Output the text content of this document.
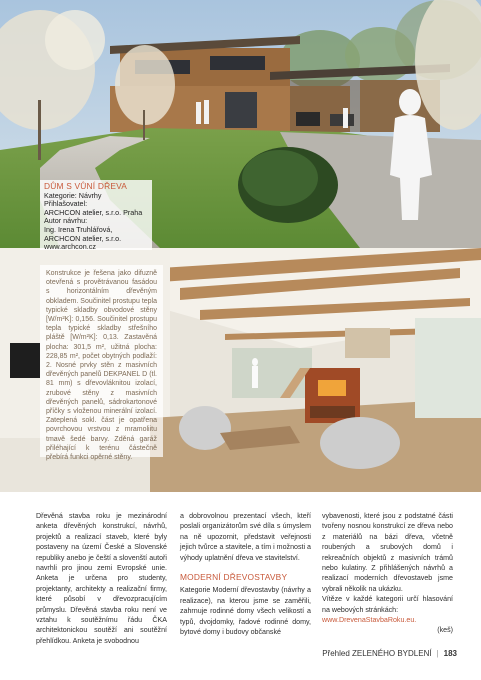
DŮM S VŮNÍ DŘEVA
Kategorie: Návrhy
Přihlašovatel:
ARCHCON atelier, s.r.o. Praha
Autor návrhu:
Ing. Irena Truhlářová,
ARCHCON atelier, s.r.o.
www.archcon.cz
Konstrukce je řešena jako difuzně otevřená s provětrávanou fasádou s horizontálním dřevěným obkladem. Součinitel prostupu tepla typické skladby obvodové stěny [W/m²K]: 0,156. Součinitel prostupu tepla typické skladby střešního pláště [W/m²K]: 0,13. Zastavěná plocha: 301,5 m², užitná plocha: 228,85 m², počet obytných podlaží: 2. Nosné prvky stěn z masivních dřevěných panelů DEKPANEL D (tl. 81 mm) s dřevovláknitou izolací, zrubové stěny z masivních dřevěných panelů, sádrokartonové příčky s vloženou minerální izolací. Zateplená sokl. část je opatřena povrchovou vrstvou z mramoliitu tmavě šedé barvy. Zděná garáž přiléhající k terénu částečně přebírá funkci opěrné stěny.
Dřevěná stavba roku je mezinárodní anketa dřevěných konstrukcí, návrhů, projektů a realizací staveb, které byly postaveny na území České a Slovenské republiky anebo je čeští a slovenští autoři navrhli pro jinou zemi Evropské unie. Anketa je určena pro studenty, projektanty, architekty a realizační firmy, které působí v dřevozpracujícím průmyslu. Dřevěná stavba roku není ve vztahu k soutěžnímu řádu ČKA architektonickou soutěží ani soutěžní přehlídkou. Anketa je svobodnou
a dobrovolnou prezentací všech, kteří poslali organizátorům své díla s úmyslem na ně upozornit, představit veřejnosti jejich tvůrce a stavitele, a tím i možnosti a výhody uplatnění dřeva ve stavitelství.
MODERNÍ DŘEVOSTAVBY
Kategorie Moderní dřevostavby (návrhy a realizace), na kterou jsme se zaměřili, zahrnuje rodinné domy všech velikostí a typů, dvojdomky, řadové rodinné domy, bytové domy i budovy občanské
vybavenosti, které jsou z podstatné části tvořeny nosnou konstrukcí ze dřeva nebo z materiálů na bázi dřeva, včetně roubených a srubových domů i rekreačních objektů z masivních trámů nebo kulatiny. Z přihlášených návrhů a realizací moderních dřevostaveb jsme vybrali několik na ukázku.
Vítěze v každé kategorii určí hlasování na webových stránkách:
www.DrevenaStavbaRoku.eu.
(keš)
Přehled ZELENÉHO BYDLENÍ | 183
